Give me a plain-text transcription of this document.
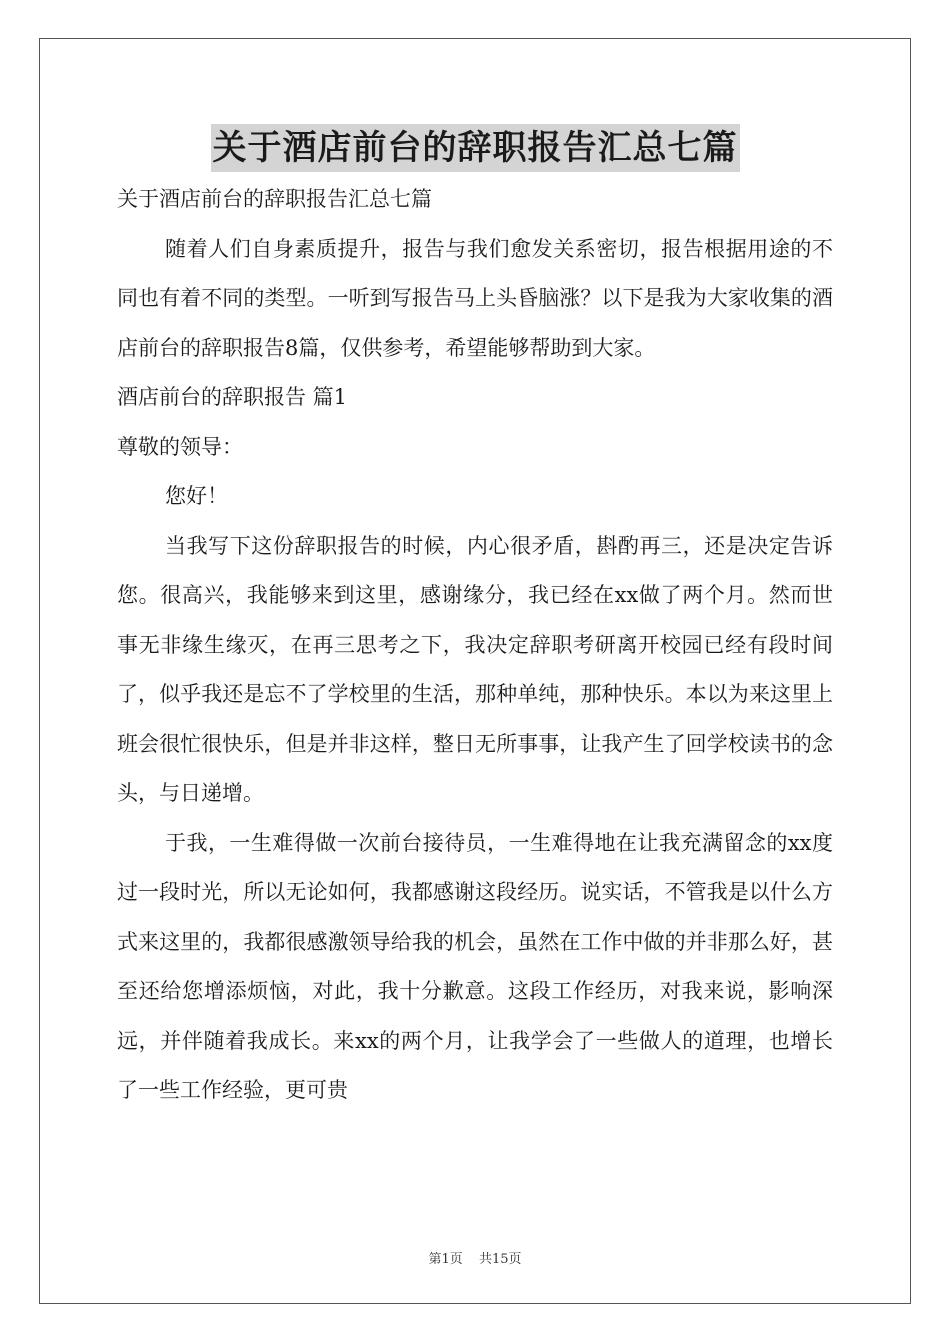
关于酒店前台的辞职报告汇总七篇

关于酒店前台的辞职报告汇总七篇

随着人们自身素质提升，报告与我们愈发关系密切，报告根据用途的不同也有着不同的类型。一听到写报告马上头昏脑涨？以下是我为大家收集的酒店前台的辞职报告8篇，仅供参考，希望能够帮助到大家。

酒店前台的辞职报告 篇1

尊敬的领导：

您好！

当我写下这份辞职报告的时候，内心很矛盾，斟酌再三，还是决定告诉您。很高兴，我能够来到这里，感谢缘分，我已经在xx做了两个月。然而世事无非缘生缘灭，在再三思考之下，我决定辞职考研离开校园已经有段时间了，似乎我还是忘不了学校里的生活，那种单纯，那种快乐。本以为来这里上班会很忙很快乐，但是并非这样，整日无所事事，让我产生了回学校读书的念头，与日递增。

于我，一生难得做一次前台接待员，一生难得地在让我充满留念的xx度过一段时光，所以无论如何，我都感谢这段经历。说实话，不管我是以什么方式来这里的，我都很感激领导给我的机会，虽然在工作中做的并非那么好，甚至还给您增添烦恼，对此，我十分歉意。这段工作经历，对我来说，影响深远，并伴随着我成长。来xx的两个月，让我学会了一些做人的道理，也增长了一些工作经验，更可贵

第1页 共15页
